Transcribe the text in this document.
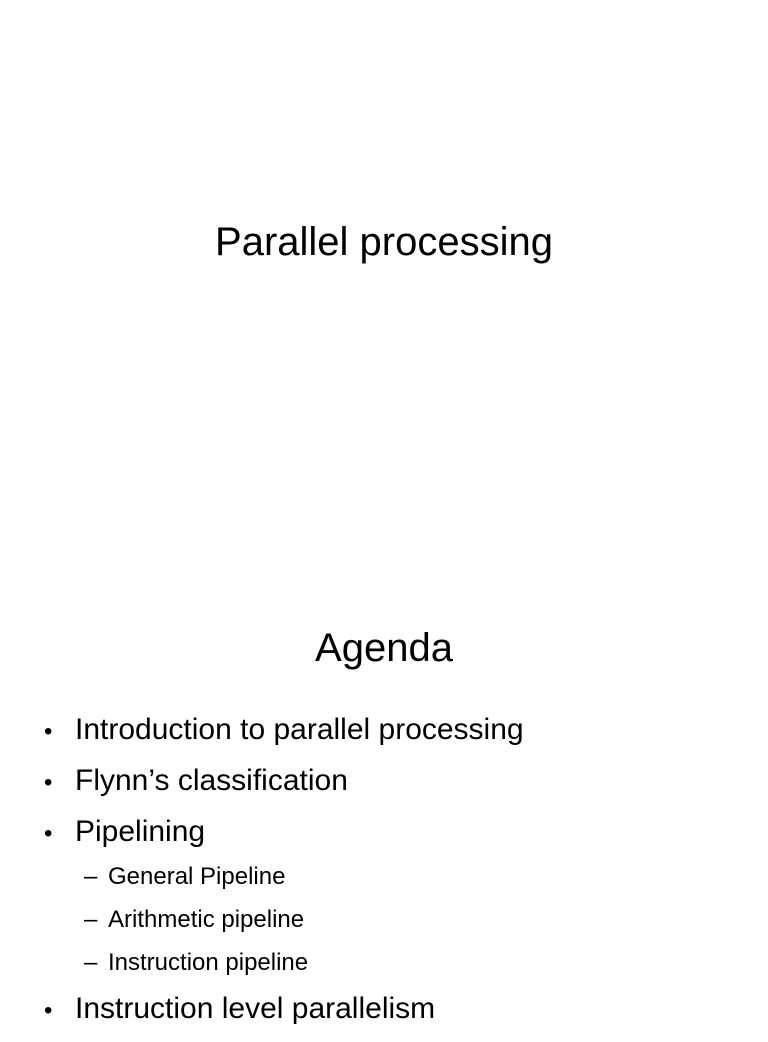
Parallel processing
Agenda
• Introduction to parallel processing
• Flynn’s classification
• Pipelining
– General Pipeline
– Arithmetic pipeline
– Instruction pipeline
• Instruction level parallelism
